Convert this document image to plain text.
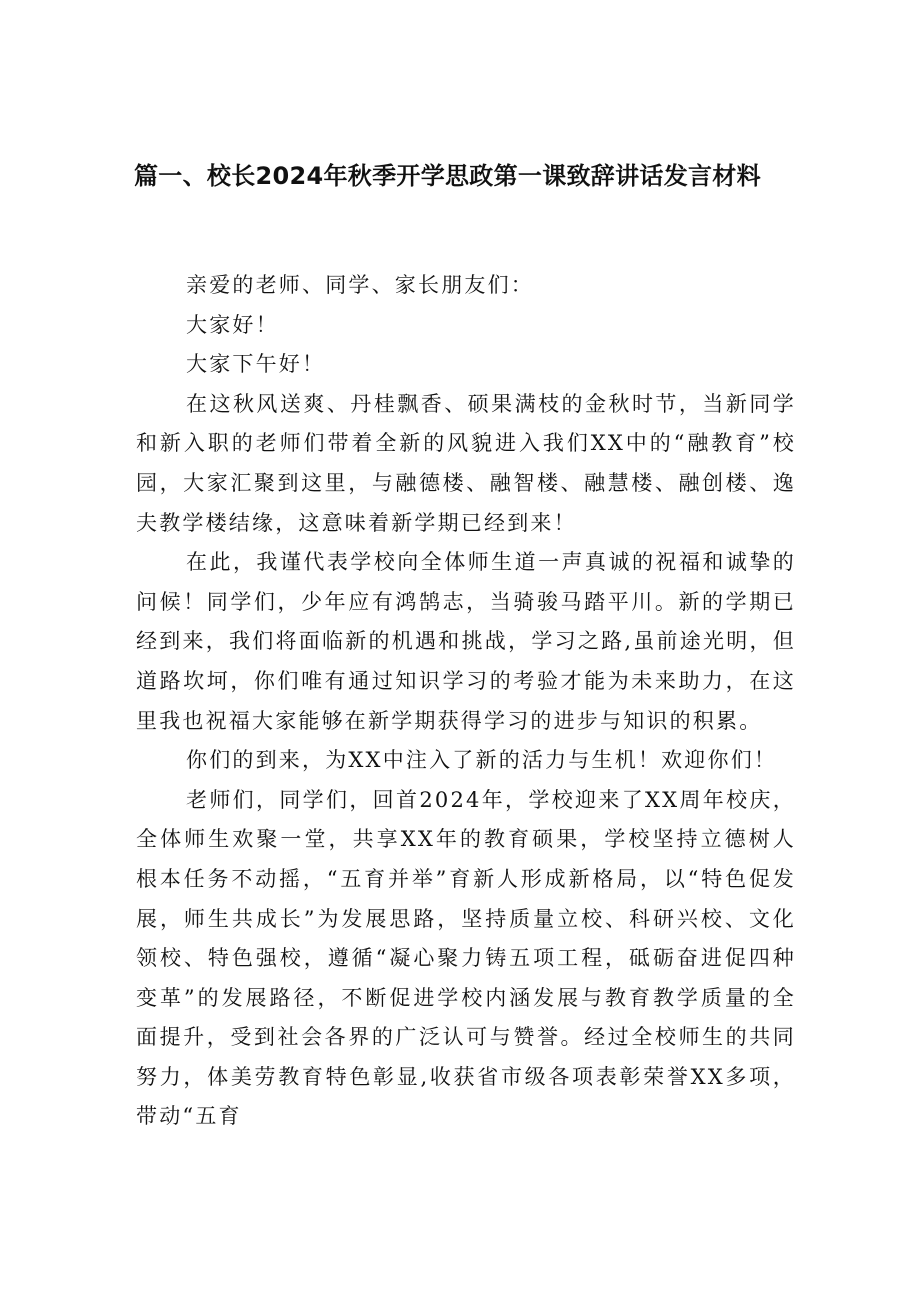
篇一、校长2024年秋季开学思政第一课致辞讲话发言材料

亲爱的老师、同学、家长朋友们：

大家好！

大家下午好！

在这秋风送爽、丹桂飘香、硕果满枝的金秋时节，当新同学和新入职的老师们带着全新的风貌进入我们XX中的“融教育”校园，大家汇聚到这里，与融德楼、融智楼、融慧楼、融创楼、逸夫教学楼结缘，这意味着新学期已经到来！

在此，我谨代表学校向全体师生道一声真诚的祝福和诚挚的问候！同学们，少年应有鸿鹄志，当骑骏马踏平川。新的学期已经到来，我们将面临新的机遇和挑战，学习之路,虽前途光明，但道路坎坷，你们唯有通过知识学习的考验才能为未来助力，在这里我也祝福大家能够在新学期获得学习的进步与知识的积累。

你们的到来，为XX中注入了新的活力与生机！欢迎你们！

老师们，同学们，回首2024年，学校迎来了XX周年校庆，全体师生欢聚一堂，共享XX年的教育硕果，学校坚持立德树人根本任务不动摇，“五育并举”育新人形成新格局，以“特色促发展，师生共成长”为发展思路，坚持质量立校、科研兴校、文化领校、特色强校，遵循“凝心聚力铸五项工程，砥砺奋进促四种变革”的发展路径，不断促进学校内涵发展与教育教学质量的全面提升，受到社会各界的广泛认可与赞誉。经过全校师生的共同努力，体美劳教育特色彰显,收获省市级各项表彰荣誉XX多项，带动“五育
